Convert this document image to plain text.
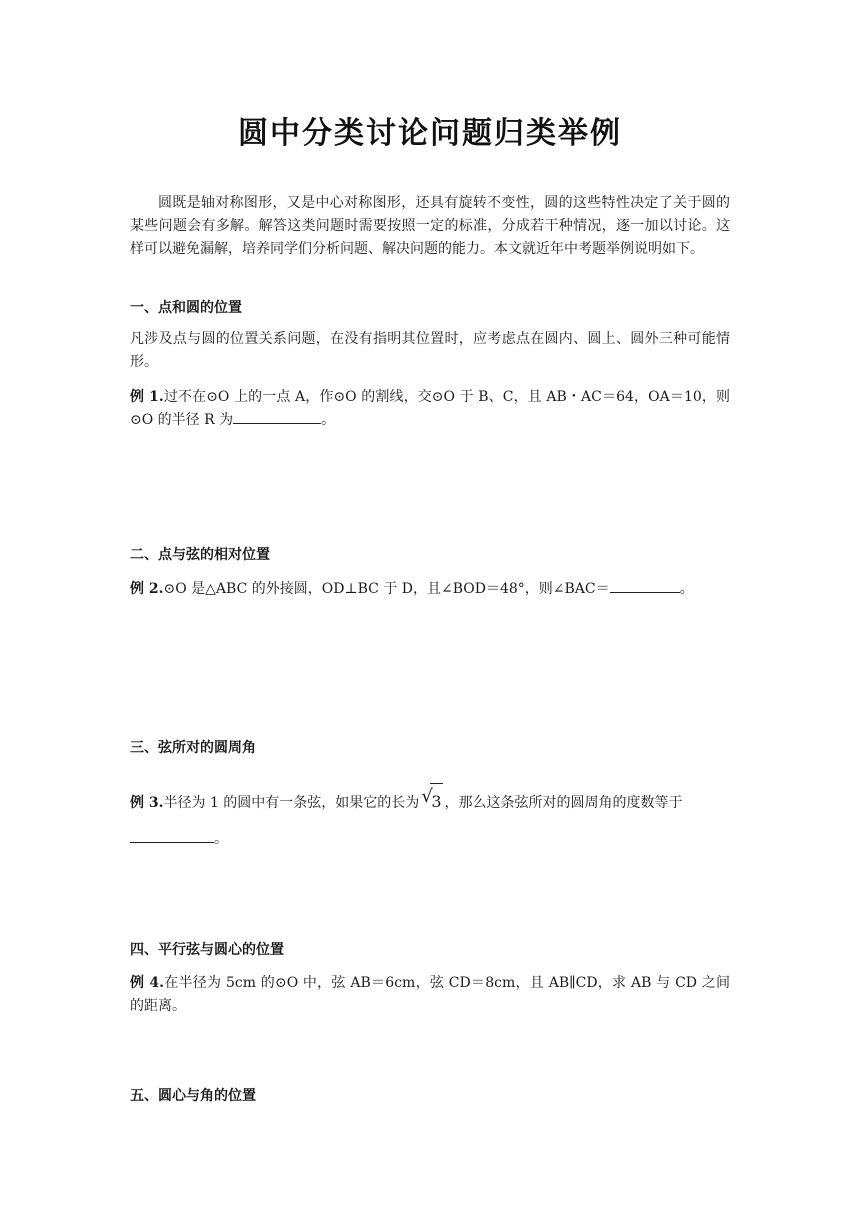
圆中分类讨论问题归类举例
圆既是轴对称图形，又是中心对称图形，还具有旋转不变性，圆的这些特性决定了关于圆的某些问题会有多解。解答这类问题时需要按照一定的标准，分成若干种情况，逐一加以讨论。这样可以避免漏解，培养同学们分析问题、解决问题的能力。本文就近年中考题举例说明如下。
一、点和圆的位置
凡涉及点与圆的位置关系问题，在没有指明其位置时，应考虑点在圆内、圆上、圆外三种可能情形。
例 1.过不在⊙O 上的一点 A，作⊙O 的割线，交⊙O 于 B、C，且 AB・AC＝64，OA＝10，则⊙O 的半径 R 为	。
二、点与弦的相对位置
例 2.⊙O 是△ABC 的外接圆，OD⊥BC 于 D，且∠BOD＝48°，则∠BAC＝	。
三、弦所对的圆周角
例 3.半径为 1 的圆中有一条弦，如果它的长为 √
3 ，那么这条弦所对的圆周角的度数等于
。
四、平行弦与圆心的位置
例 4.在半径为 5cm 的⊙O 中，弦 AB＝6cm，弦 CD＝8cm，且 AB∥CD，求 AB 与 CD 之间的距离。
五、圆心与角的位置
